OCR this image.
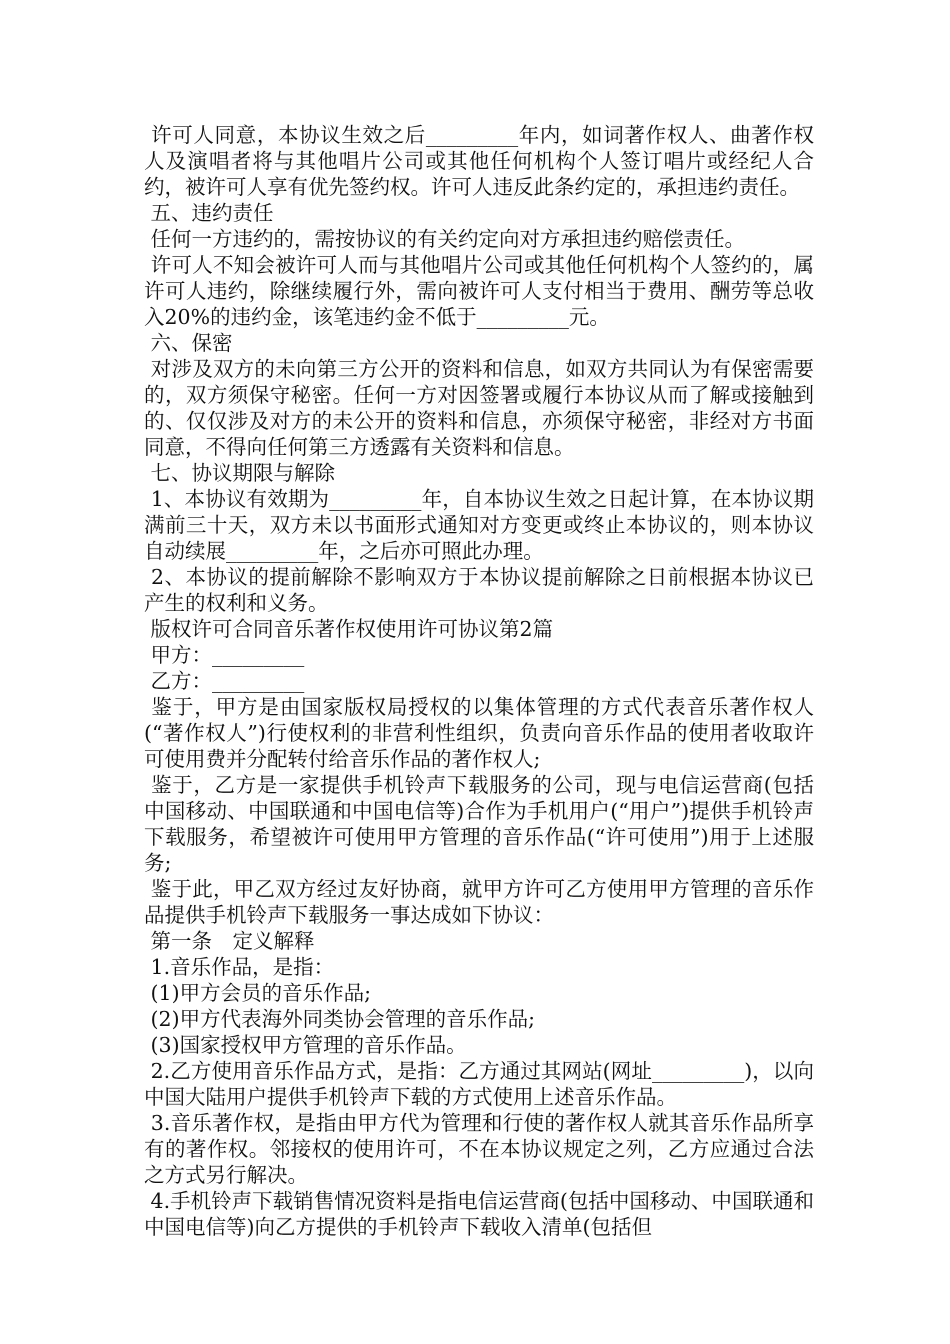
许可人同意，本协议生效之后_________年内，如词著作权人、曲著作权人及演唱者将与其他唱片公司或其他任何机构个人签订唱片或经纪人合约，被许可人享有优先签约权。许可人违反此条约定的，承担违约责任。

五、违约责任

任何一方违约的，需按协议的有关约定向对方承担违约赔偿责任。

许可人不知会被许可人而与其他唱片公司或其他任何机构个人签约的，属许可人违约，除继续履行外，需向被许可人支付相当于费用、酬劳等总收入20%的违约金，该笔违约金不低于_________元。

六、保密

对涉及双方的未向第三方公开的资料和信息，如双方共同认为有保密需要的，双方须保守秘密。任何一方对因签署或履行本协议从而了解或接触到的、仅仅涉及对方的未公开的资料和信息，亦须保守秘密，非经对方书面同意，不得向任何第三方透露有关资料和信息。

七、协议期限与解除

1、本协议有效期为_________年，自本协议生效之日起计算，在本协议期满前三十天，双方未以书面形式通知对方变更或终止本协议的，则本协议自动续展_________年，之后亦可照此办理。

2、本协议的提前解除不影响双方于本协议提前解除之日前根据本协议已产生的权利和义务。

版权许可合同音乐著作权使用许可协议第2篇

甲方：_________

乙方：_________

鉴于，甲方是由国家版权局授权的以集体管理的方式代表音乐著作权人(“著作权人”)行使权利的非营利性组织，负责向音乐作品的使用者收取许可使用费并分配转付给音乐作品的著作权人;

鉴于，乙方是一家提供手机铃声下载服务的公司，现与电信运营商(包括中国移动、中国联通和中国电信等)合作为手机用户(“用户”)提供手机铃声下载服务，希望被许可使用甲方管理的音乐作品(“许可使用”)用于上述服务;

鉴于此，甲乙双方经过友好协商，就甲方许可乙方使用甲方管理的音乐作品提供手机铃声下载服务一事达成如下协议：

第一条　定义解释

1.音乐作品，是指：

(1)甲方会员的音乐作品;

(2)甲方代表海外同类协会管理的音乐作品;

(3)国家授权甲方管理的音乐作品。

2.乙方使用音乐作品方式，是指：乙方通过其网站(网址_________)，以向中国大陆用户提供手机铃声下载的方式使用上述音乐作品。

3.音乐著作权，是指由甲方代为管理和行使的著作权人就其音乐作品所享有的著作权。邻接权的使用许可，不在本协议规定之列，乙方应通过合法之方式另行解决。

4.手机铃声下载销售情况资料是指电信运营商(包括中国移动、中国联通和中国电信等)向乙方提供的手机铃声下载收入清单(包括但
